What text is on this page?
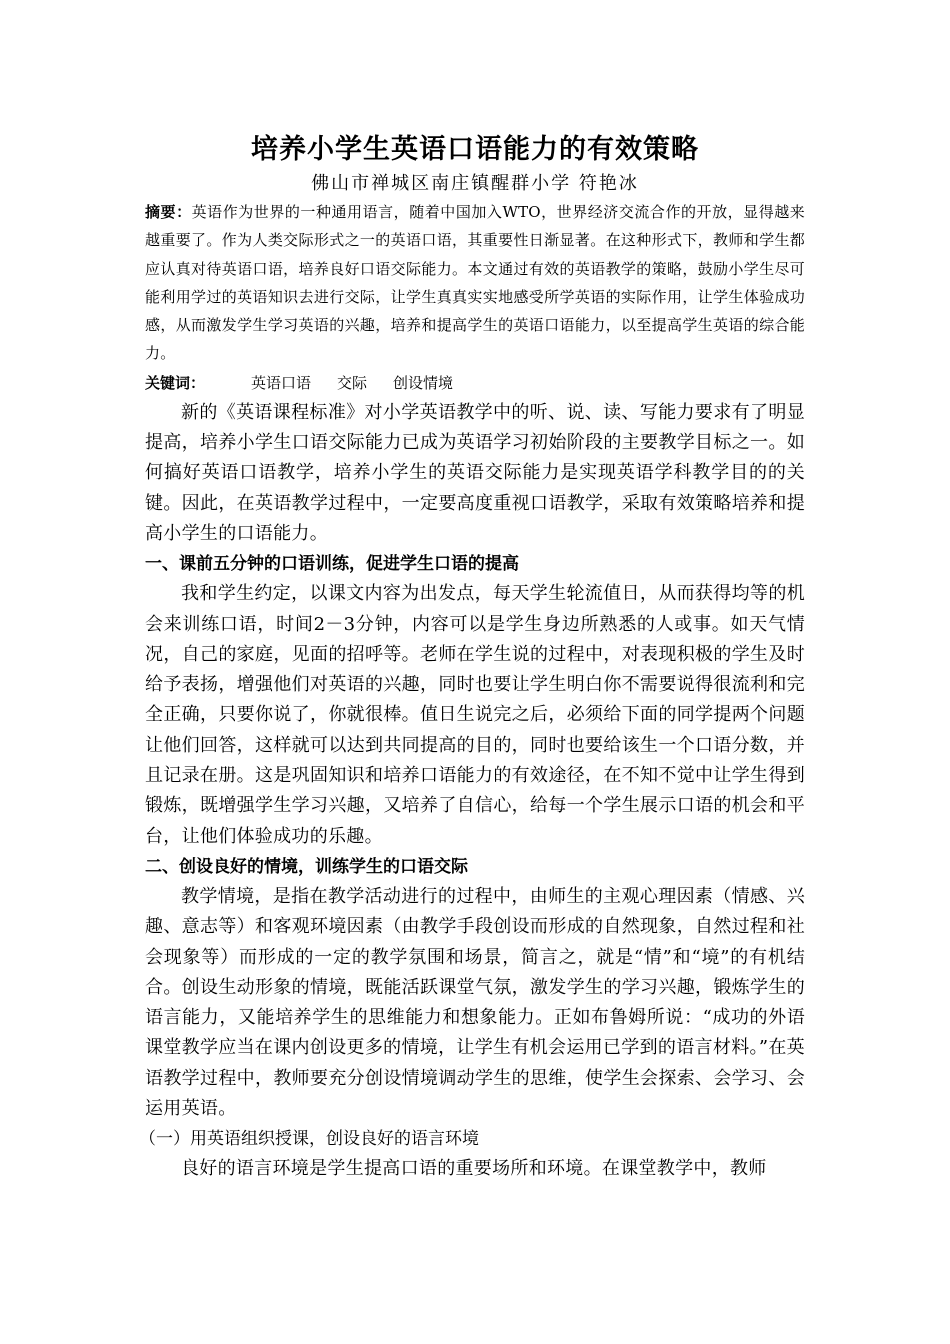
培养小学生英语口语能力的有效策略

佛山市禅城区南庄镇醒群小学 符艳冰

摘要：英语作为世界的一种通用语言，随着中国加入WTO，世界经济交流合作的开放，显得越来越重要了。作为人类交际形式之一的英语口语，其重要性日渐显著。在这种形式下，教师和学生都应认真对待英语口语，培养良好口语交际能力。本文通过有效的英语教学的策略，鼓励小学生尽可能利用学过的英语知识去进行交际，让学生真真实实地感受所学英语的实际作用，让学生体验成功感，从而激发学生学习英语的兴趣，培养和提高学生的英语口语能力，以至提高学生英语的综合能力。

关键词：	英语口语 交际 创设情境

新的《英语课程标准》对小学英语教学中的听、说、读、写能力要求有了明显提高，培养小学生口语交际能力已成为英语学习初始阶段的主要教学目标之一。如何搞好英语口语教学，培养小学生的英语交际能力是实现英语学科教学目的的关键。因此，在英语教学过程中，一定要高度重视口语教学，采取有效策略培养和提高小学生的口语能力。

一、课前五分钟的口语训练，促进学生口语的提高

我和学生约定，以课文内容为出发点，每天学生轮流值日，从而获得均等的机会来训练口语，时间2－3分钟，内容可以是学生身边所熟悉的人或事。如天气情况，自己的家庭，见面的招呼等。老师在学生说的过程中，对表现积极的学生及时给予表扬，增强他们对英语的兴趣，同时也要让学生明白你不需要说得很流利和完全正确，只要你说了，你就很棒。值日生说完之后，必须给下面的同学提两个问题让他们回答，这样就可以达到共同提高的目的，同时也要给该生一个口语分数，并且记录在册。这是巩固知识和培养口语能力的有效途径，在不知不觉中让学生得到锻炼，既增强学生学习兴趣，又培养了自信心，给每一个学生展示口语的机会和平台，让他们体验成功的乐趣。

二、创设良好的情境，训练学生的口语交际

教学情境，是指在教学活动进行的过程中，由师生的主观心理因素（情感、兴趣、意志等）和客观环境因素（由教学手段创设而形成的自然现象，自然过程和社会现象等）而形成的一定的教学氛围和场景，简言之，就是“情”和“境”的有机结合。创设生动形象的情境，既能活跃课堂气氛，激发学生的学习兴趣，锻炼学生的语言能力，又能培养学生的思维能力和想象能力。正如布鲁姆所说：“成功的外语课堂教学应当在课内创设更多的情境，让学生有机会运用已学到的语言材料。”在英语教学过程中，教师要充分创设情境调动学生的思维，使学生会探索、会学习、会运用英语。

（一）用英语组织授课，创设良好的语言环境

良好的语言环境是学生提高口语的重要场所和环境。在课堂教学中，教师
